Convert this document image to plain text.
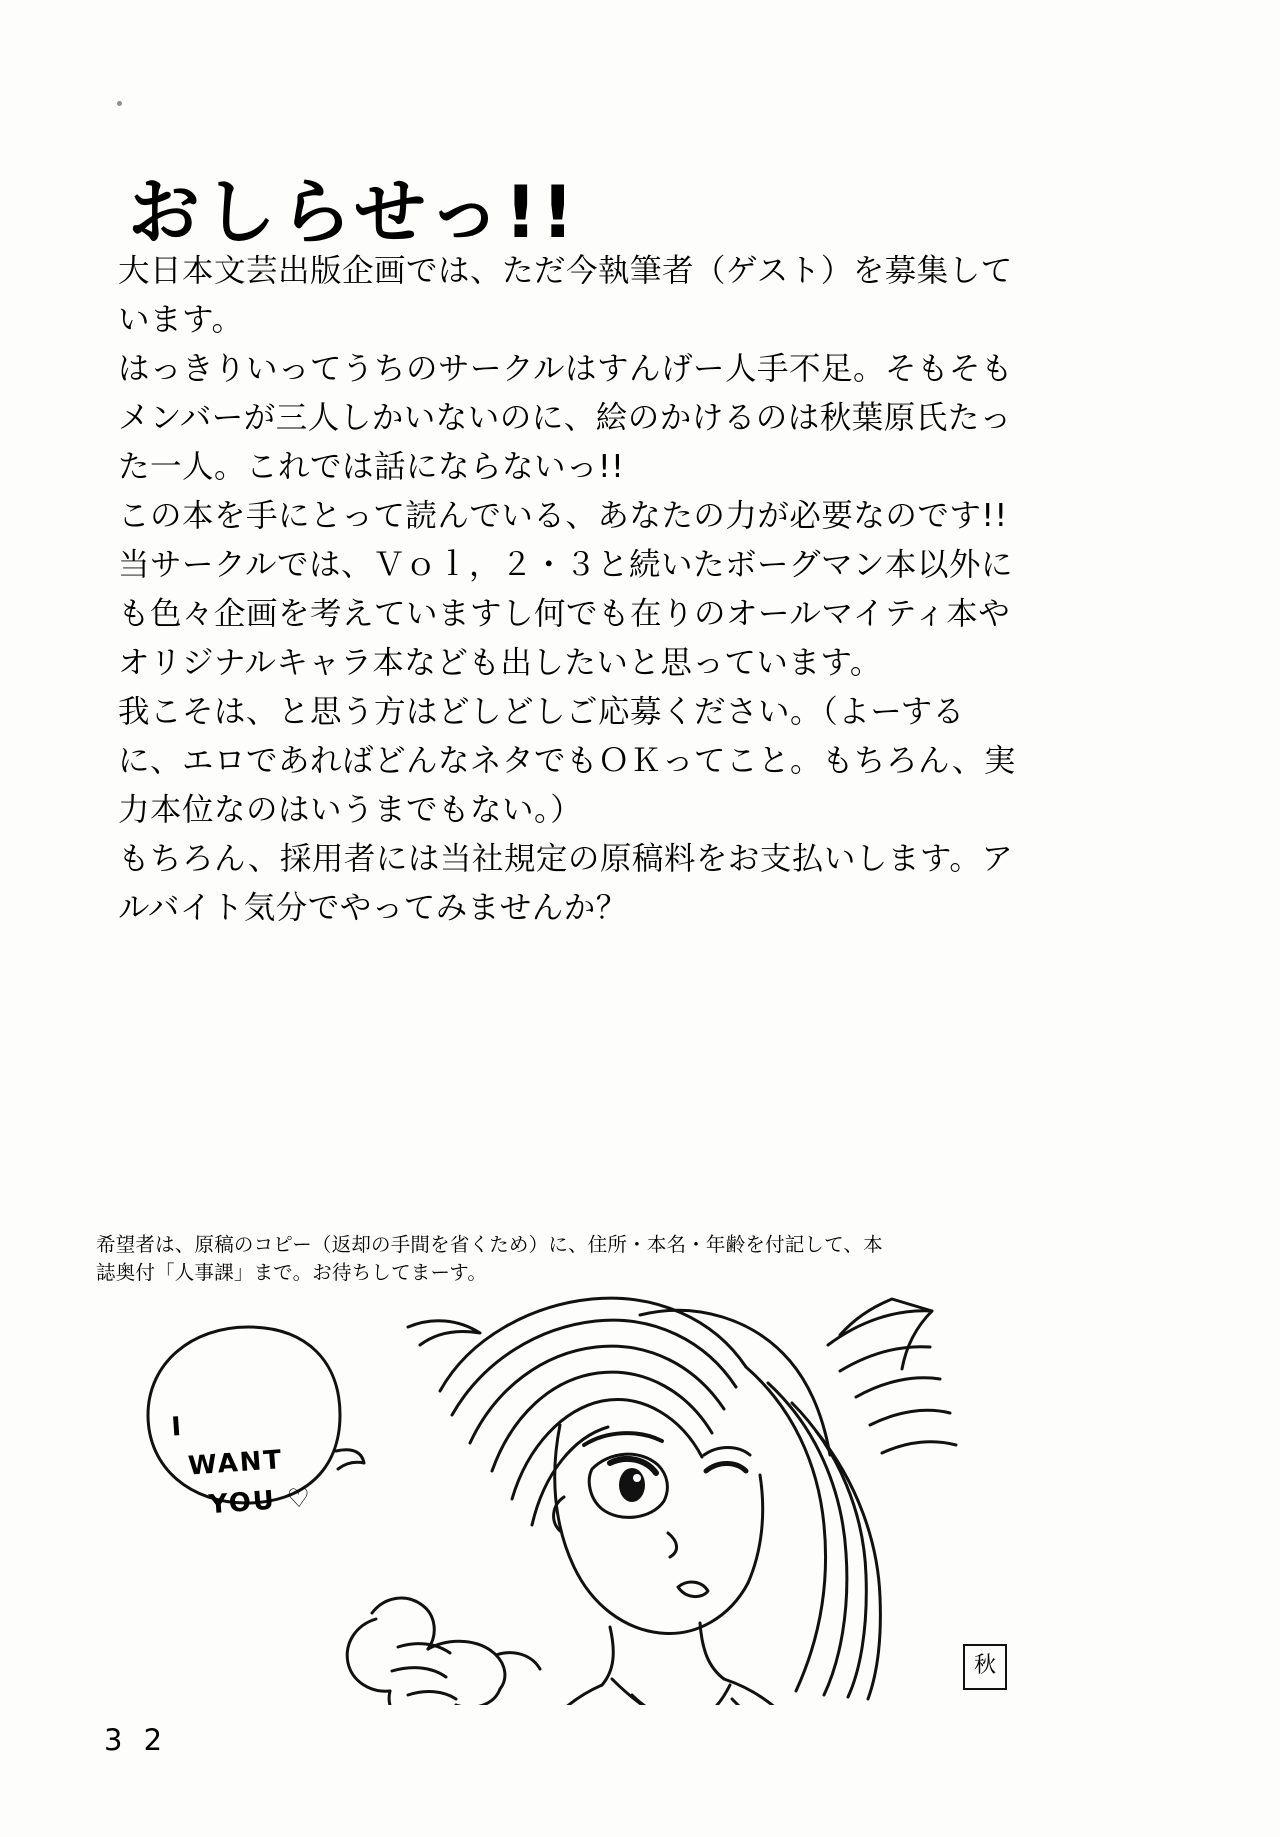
おしらせっ!!

大日本文芸出版企画では、ただ今執筆者（ゲスト）を募集しています。

はっきりいってうちのサークルはすんげー人手不足。そもそもメンバーが三人しかいないのに、絵のかけるのは秋葉原氏たった一人。これでは話にならないっ!!

この本を手にとって読んでいる、あなたの力が必要なのです!!

当サークルでは、Ｖｏｌ，２・３と続いたボーグマン本以外にも色々企画を考えていますし何でも在りのオールマイティ本やオリジナルキャラ本なども出したいと思っています。

我こそは、と思う方はどしどしご応募ください。（よーするに、エロであればどんなネタでもＯＫってこと。もちろん、実力本位なのはいうまでもない。）

もちろん、採用者には当社規定の原稿料をお支払いします。アルバイト気分でやってみませんか？

希望者は、原稿のコピー（返却の手間を省くため）に、住所・本名・年齢を付記して、本

誌奥付「人事課」まで。お待ちしてまーす。

I
WANT
YOU ♡
秋
3 2
